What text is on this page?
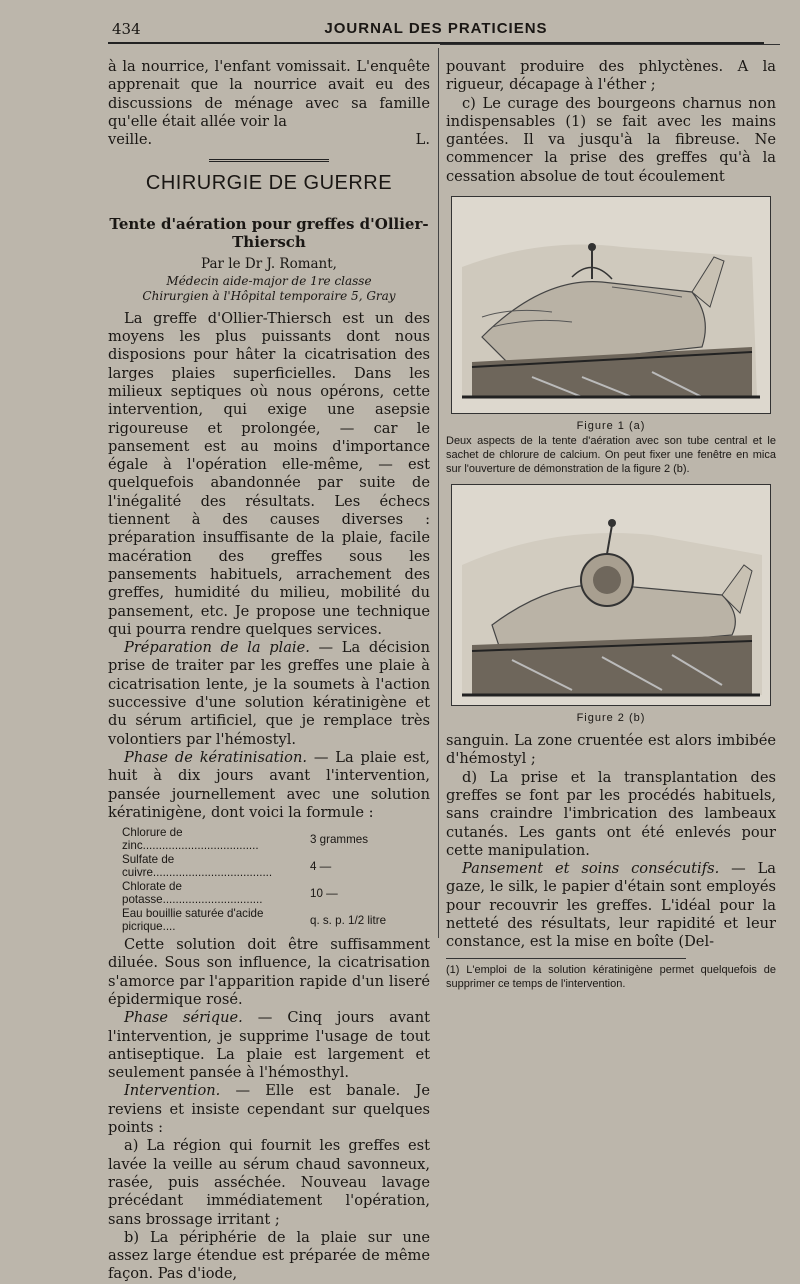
434	JOURNAL DES PRATICIENS

à la nourrice, l'enfant vomissait. L'enquête apprenait que la nourrice avait eu des discussions de ménage avec sa famille qu'elle était allée voir la

veille.	L.

CHIRURGIE DE GUERRE
Tente d'aération pour greffes d'Ollier-Thiersch

Par le Dr J. Romant,

Médecin aide-major de 1re classe

Chirurgien à l'Hôpital temporaire 5, Gray

La greffe d'Ollier-Thiersch est un des moyens les plus puissants dont nous disposions pour hâter la cicatrisation des larges plaies superficielles. Dans les milieux septiques où nous opérons, cette intervention, qui exige une asepsie rigoureuse et prolongée, — car le pansement est au moins d'importance égale à l'opération elle-même, — est quelquefois abandonnée par suite de l'inégalité des résultats. Les échecs tiennent à des causes diverses : préparation insuffisante de la plaie, facile macération des greffes sous les pansements habituels, arrachement des greffes, humidité du milieu, mobilité du pansement, etc. Je propose une technique qui pourra rendre quelques services.

Préparation de la plaie. — La décision prise de traiter par les greffes une plaie à cicatrisation lente, je la soumets à l'action successive d'une solution kératinigène et du sérum artificiel, que je remplace très volontiers par l'hémostyl.

Phase de kératinisation. — La plaie est, huit à dix jours avant l'intervention, pansée journellement avec une solution kératinigène, dont voici la formule :

Chlorure de zinc....................................	3 grammes
Sulfate de cuivre.....................................	4 —
Chlorate de potasse...............................	10 —
Eau bouillie saturée d'acide picrique....	q. s. p. 1/2 litre

Cette solution doit être suffisamment diluée. Sous son influence, la cicatrisation s'amorce par l'apparition rapide d'un liseré épidermique rosé.

Phase sérique. — Cinq jours avant l'intervention, je supprime l'usage de tout antiseptique. La plaie est largement et seulement pansée à l'hémosthyl.

Intervention. — Elle est banale. Je reviens et insiste cependant sur quelques points :

a) La région qui fournit les greffes est lavée la veille au sérum chaud savonneux, rasée, puis asséchée. Nouveau lavage précédant immédiatement l'opération, sans brossage irritant ;

b) La périphérie de la plaie sur une assez large étendue est préparée de même façon. Pas d'iode,

pouvant produire des phlyctènes. A la rigueur, décapage à l'éther ;

c) Le curage des bourgeons charnus non indispensables (1) se fait avec les mains gantées. Il va jusqu'à la fibreuse. Ne commencer la prise des greffes qu'à la cessation absolue de tout écoulement

Figure 1 (a)

Deux aspects de la tente d'aération avec son tube central et le sachet de chlorure de calcium. On peut fixer une fenêtre en mica sur l'ouverture de démonstration de la figure 2 (b).

Figure 2 (b)

sanguin. La zone cruentée est alors imbibée d'hémostyl ;

d) La prise et la transplantation des greffes se font par les procédés habituels, sans craindre l'imbrication des lambeaux cutanés. Les gants ont été enlevés pour cette manipulation.

Pansement et soins consécutifs. — La gaze, le silk, le papier d'étain sont employés pour recouvrir les greffes. L'idéal pour la netteté des résultats, leur rapidité et leur constance, est la mise en boîte (Del-

(1) L'emploi de la solution kératinigène permet quelquefois de supprimer ce temps de l'intervention.
